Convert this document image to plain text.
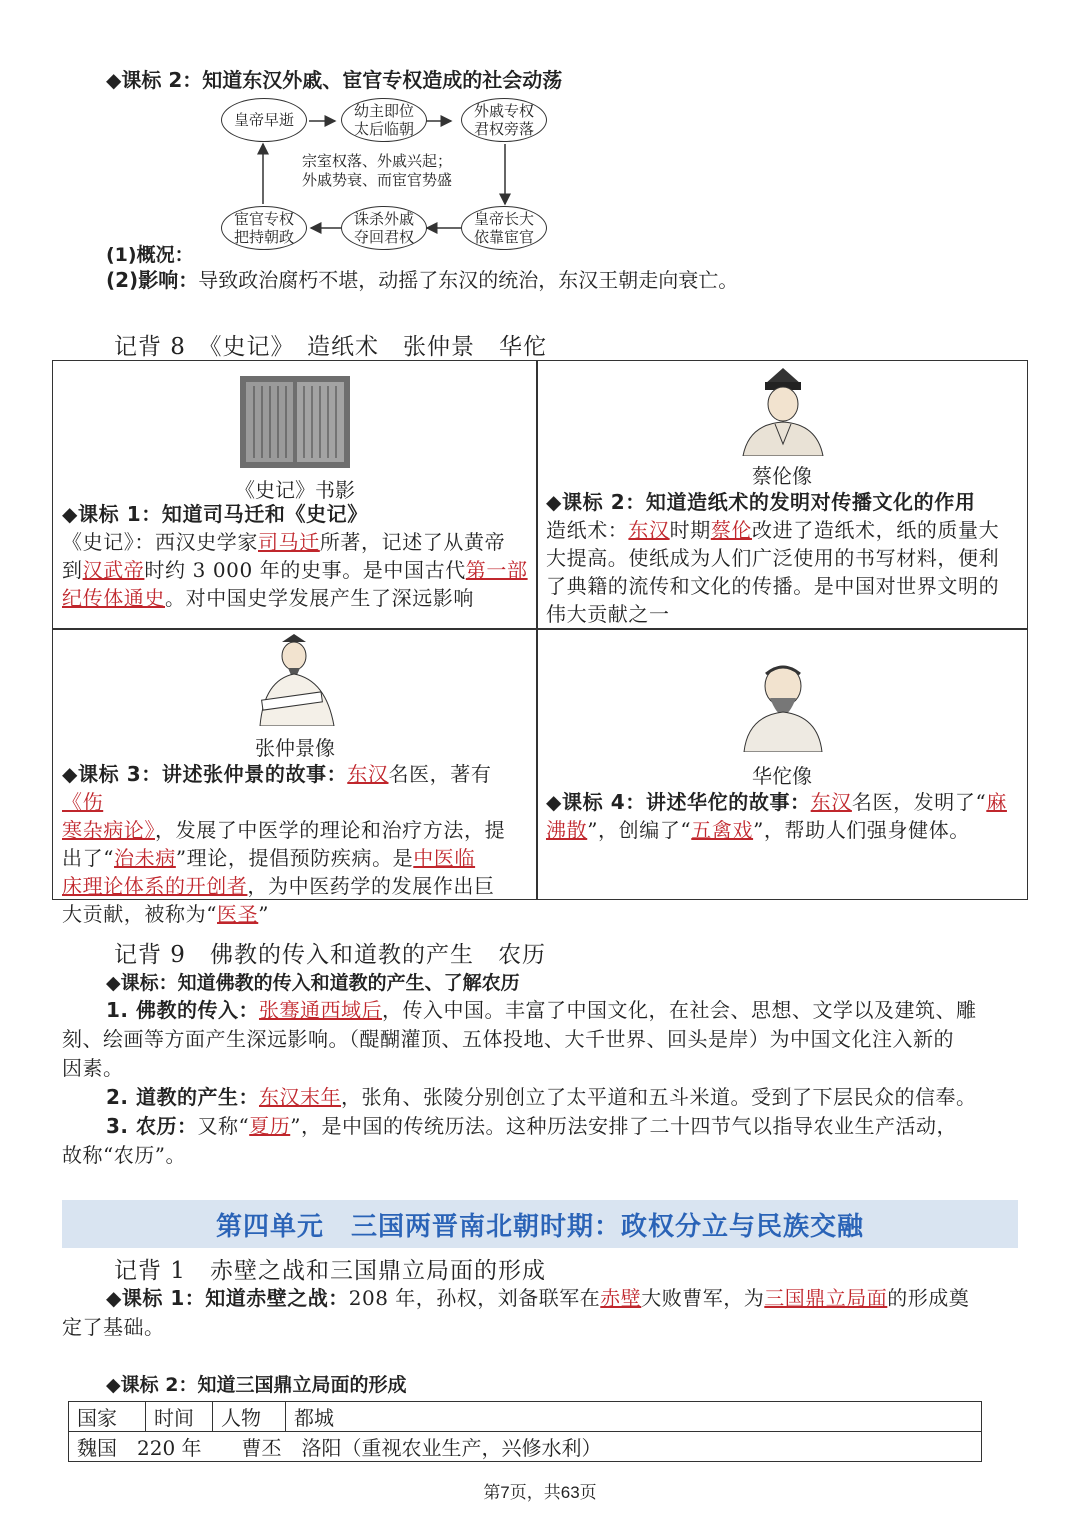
◆课标 2：知道东汉外戚、宦官专权造成的社会动荡
皇帝早逝	幼主即位
太后临朝
外戚专权
君权旁落
皇帝长大
依靠宦官
诛杀外戚
夺回君权
宦官专权
把持朝政
宗室权落、外戚兴起；
外戚势衰、而宦官势盛
(1)概况：
(2)影响：导致政治腐朽不堪，动摇了东汉的统治，东汉王朝走向衰亡。
记背 8　《史记》　造纸术　张仲景　华佗
《史记》书影
◆课标 1：知道司马迁和《史记》
《史记》：西汉史学家司马迁所著，记述了从黄帝
到汉武帝时约 3 000 年的史事。是中国古代第一部
纪传体通史。对中国史学发展产生了深远影响
蔡伦像
◆课标 2：知道造纸术的发明对传播文化的作用
造纸术：东汉时期蔡伦改进了造纸术，纸的质量大
大提高。使纸成为人们广泛使用的书写材料，便利
了典籍的流传和文化的传播。是中国对世界文明的
伟大贡献之一
张仲景像
◆课标 3：讲述张仲景的故事：东汉名医，著有《伤
寒杂病论》，发展了中医学的理论和治疗方法，提
出了“治未病”理论，提倡预防疾病。是中医临
床理论体系的开创者，为中医药学的发展作出巨
大贡献，被称为“医圣”
华佗像
◆课标 4：讲述华佗的故事：东汉名医，发明了“麻
沸散”，创编了“五禽戏”，帮助人们强身健体。
记背 9　佛教的传入和道教的产生　农历
◆课标：知道佛教的传入和道教的产生、了解农历
1. 佛教的传入：张骞通西域后，传入中国。丰富了中国文化，在社会、思想、文学以及建筑、雕
刻、绘画等方面产生深远影响。（醍醐灌顶、五体投地、大千世界、回头是岸）为中国文化注入新的
因素。
2. 道教的产生：东汉末年，张角、张陵分别创立了太平道和五斗米道。受到了下层民众的信奉。
3. 农历：又称“夏历”，是中国的传统历法。这种历法安排了二十四节气以指导农业生产活动，
故称“农历”。
第四单元　三国两晋南北朝时期：政权分立与民族交融
记背 1　赤壁之战和三国鼎立局面的形成
◆课标 1：知道赤壁之战：208 年，孙权，刘备联军在赤壁大败曹军，为三国鼎立局面的形成奠
定了基础。
◆课标 2：知道三国鼎立局面的形成
国家	时间	人物	都城
魏国　220 年　　曹丕　洛阳（重视农业生产，兴修水利）
第7页，共63页
